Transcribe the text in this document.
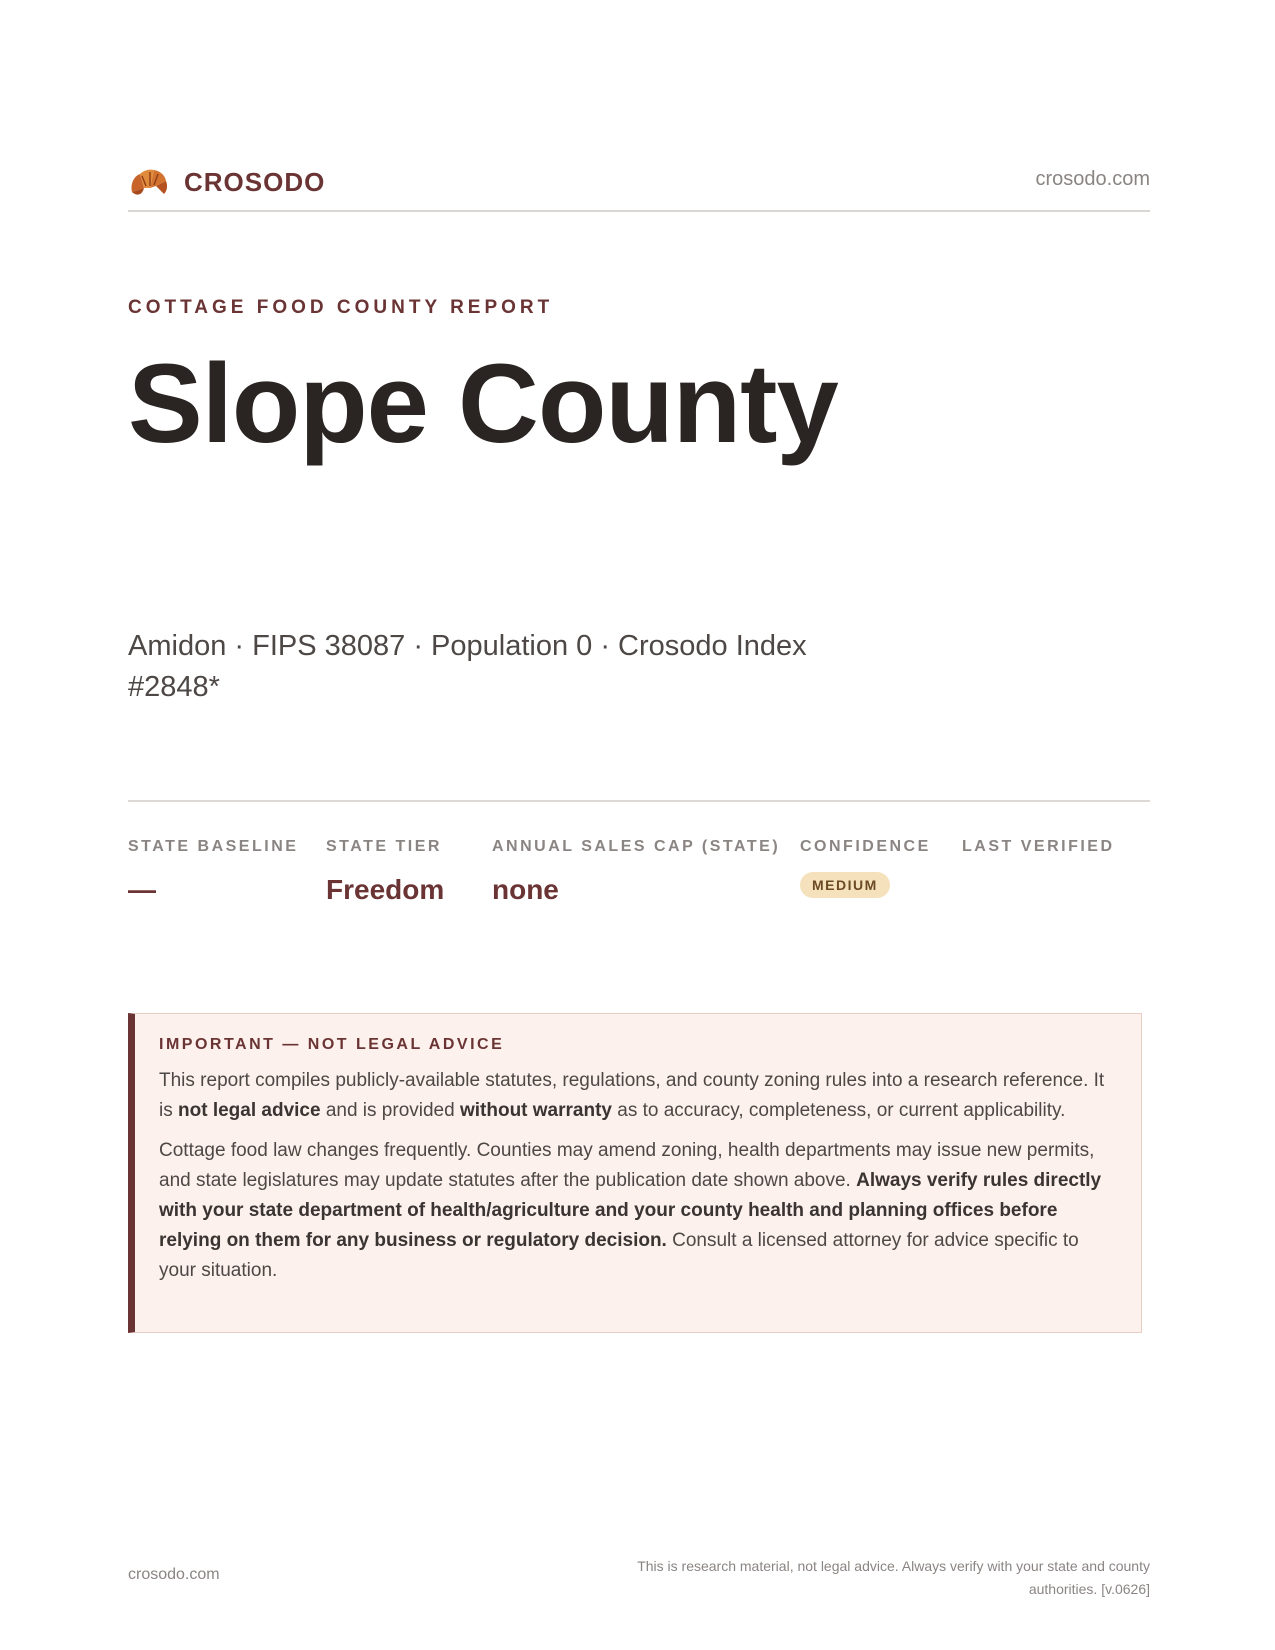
CROSODO	crosodo.com
COTTAGE FOOD COUNTY REPORT
Slope County
Amidon · FIPS 38087 · Population 0 · Crosodo Index #2848*
STATE BASELINE
—
STATE TIER
Freedom
ANNUAL SALES CAP (STATE)
none
CONFIDENCE
MEDIUM
LAST VERIFIED
IMPORTANT — NOT LEGAL ADVICE

This report compiles publicly-available statutes, regulations, and county zoning rules into a research reference. It is not legal advice and is provided without warranty as to accuracy, completeness, or current applicability.

Cottage food law changes frequently. Counties may amend zoning, health departments may issue new permits, and state legislatures may update statutes after the publication date shown above. Always verify rules directly with your state department of health/agriculture and your county health and planning offices before relying on them for any business or regulatory decision. Consult a licensed attorney for advice specific to your situation.

crosodo.com	This is research material, not legal advice. Always verify with your state and county authorities. [v.0626]
